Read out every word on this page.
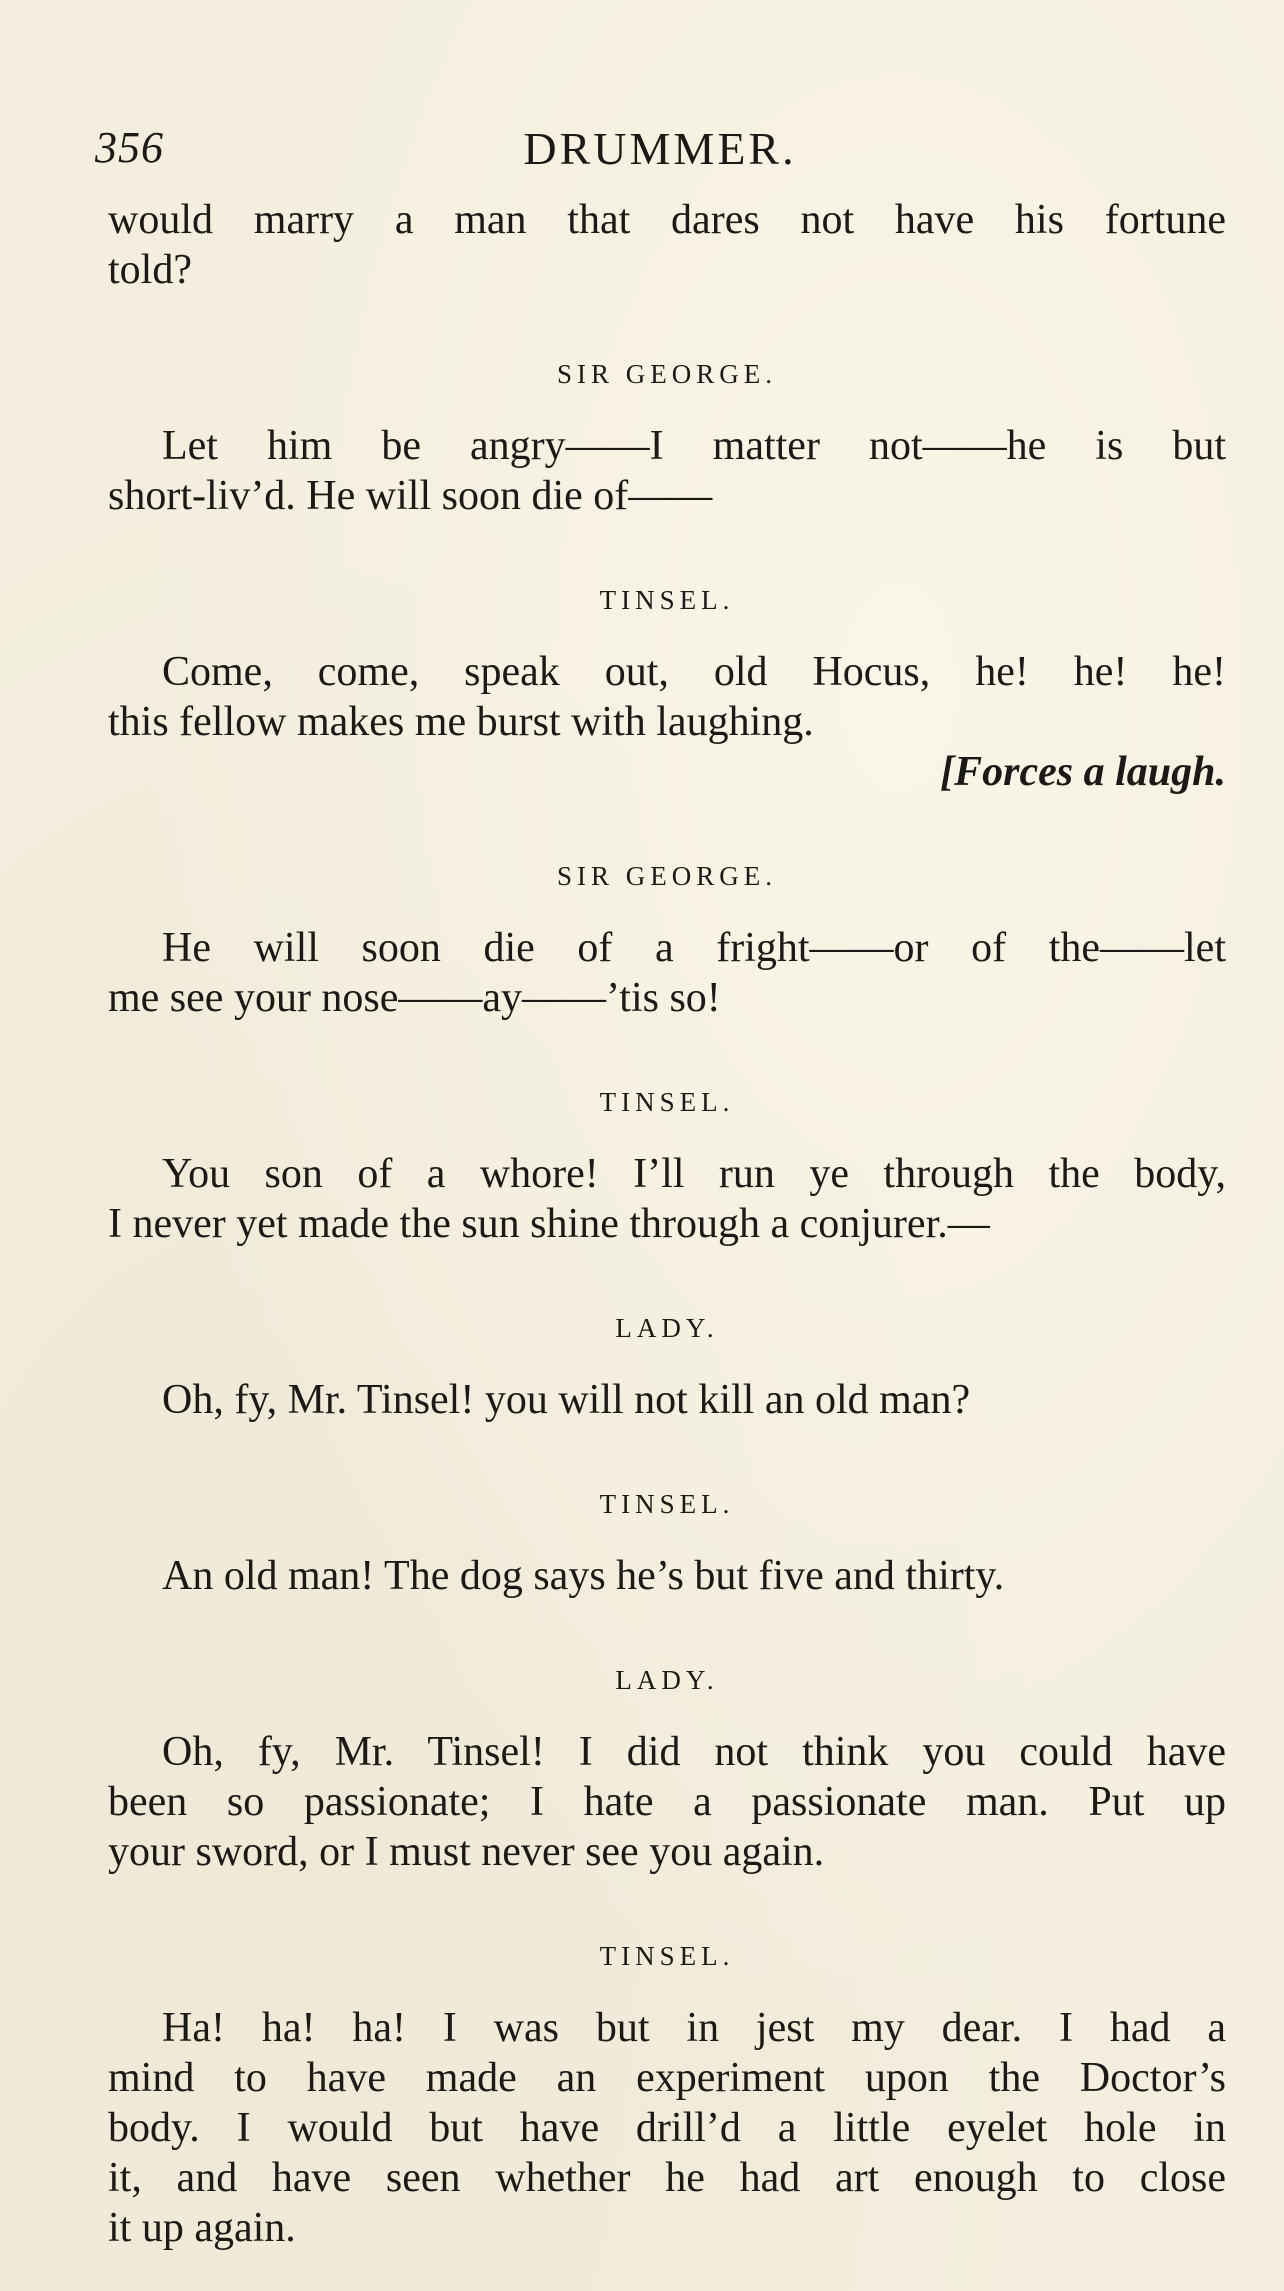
356	DRUMMER.

would marry a man that dares not have his fortune

told?

SIR GEORGE.

Let him be angry——I matter not——he is but

short-liv’d. He will soon die of——

TINSEL.

Come, come, speak out, old Hocus, he! he! he!

this fellow makes me burst with laughing.

[Forces a laugh.

SIR GEORGE.

He will soon die of a fright——or of the——let

me see your nose——ay——’tis so!

TINSEL.

You son of a whore! I’ll run ye through the body,

I never yet made the sun shine through a conjurer.—

LADY.

Oh, fy, Mr. Tinsel! you will not kill an old man?

TINSEL.

An old man! The dog says he’s but five and thirty.

LADY.

Oh, fy, Mr. Tinsel! I did not think you could have

been so passionate; I hate a passionate man. Put up

your sword, or I must never see you again.

TINSEL.

Ha! ha! ha! I was but in jest my dear. I had a

mind to have made an experiment upon the Doctor’s

body. I would but have drill’d a little eyelet hole in

it, and have seen whether he had art enough to close

it up again.
